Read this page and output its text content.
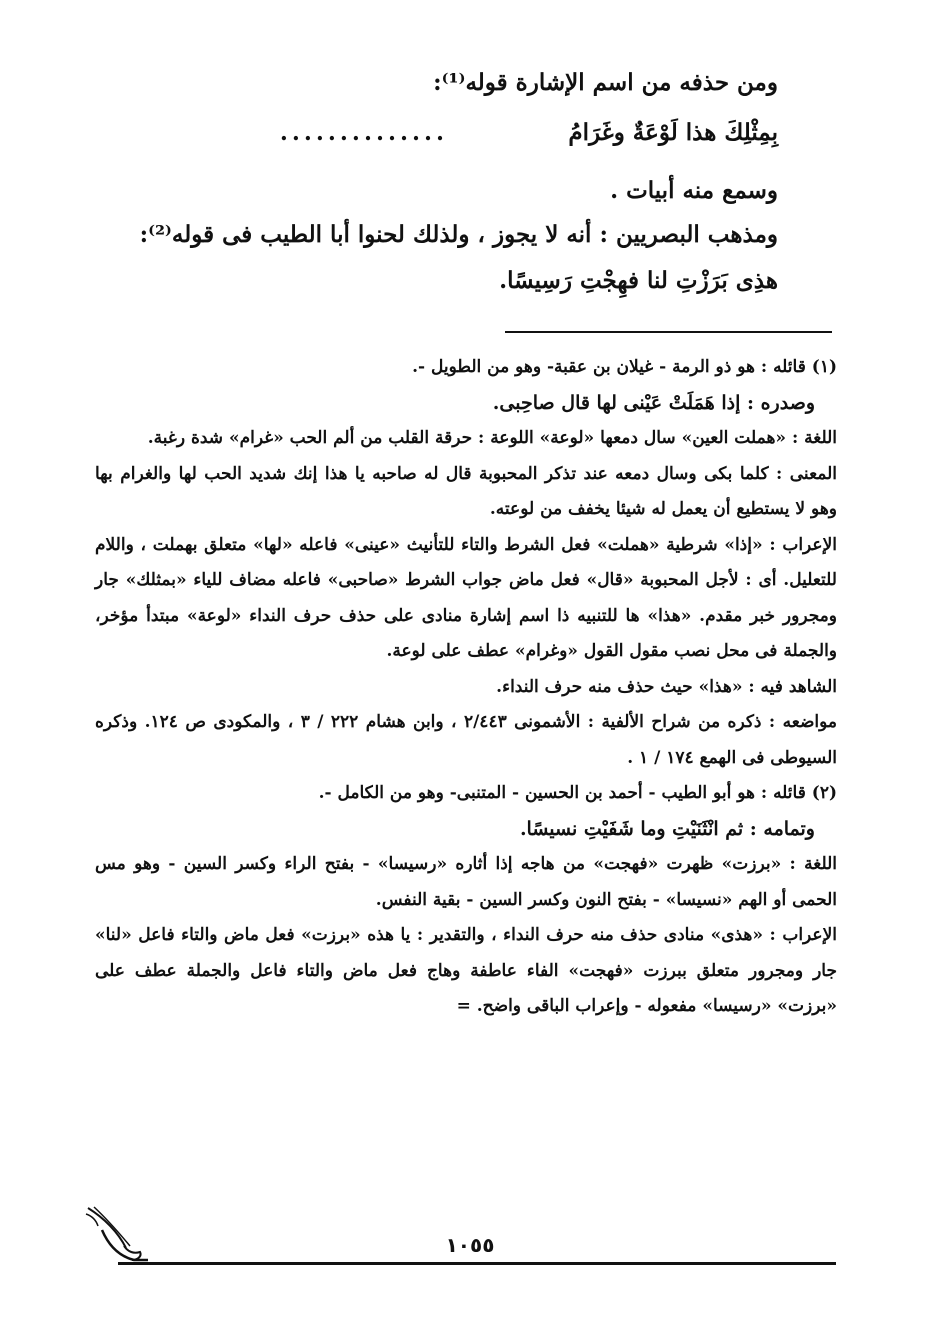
ومن حذفه من اسم الإشارة قوله⁽¹⁾:
بِمِثْلِكَ هذا لَوْعَةٌ وغَرَامُ
..............
وسمع منه أبيات .
ومذهب البصريين : أنه لا يجوز ، ولذلك لحنوا أبا الطيب فى قوله⁽²⁾:
هذِى بَرَزْتِ لنا فهِجْتِ رَسِيسًا.

(١) قائله : هو ذو الرمة - غيلان بن عقبة- وهو من الطويل -.

وصدره : إذا هَمَلَتْ عَيْنى لها قال صاحِبى.

اللغة : «هملت العين» سال دمعها «لوعة» اللوعة : حرقة القلب من ألم الحب «غرام» شدة رغبة.

المعنى : كلما بكى وسال دمعه عند تذكر المحبوبة قال له صاحبه يا هذا إنك شديد الحب لها والغرام بها وهو لا يستطيع أن يعمل له شيئا يخفف من لوعته.

الإعراب : «إذا» شرطية «هملت» فعل الشرط والتاء للتأنيث «عينى» فاعله «لها» متعلق بهملت ، واللام للتعليل. أى : لأجل المحبوبة «قال» فعل ماض جواب الشرط «صاحبى» فاعله مضاف للياء «بمثلك» جار ومجرور خبر مقدم. «هذا» ها للتنبيه ذا اسم إشارة منادى على حذف حرف النداء «لوعة» مبتدأ مؤخر، والجملة فى محل نصب مقول القول «وغرام» عطف على لوعة.

الشاهد فيه : «هذا» حيث حذف منه حرف النداء.

مواضعه : ذكره من شراح الألفية : الأشمونى ٢/٤٤٣ ، وابن هشام ٢٢٢ / ٣ ، والمكودى ص ١٢٤. وذكره السيوطى فى الهمع ١٧٤ / ١ .

(٢) قائله : هو أبو الطيب - أحمد بن الحسين - المتنبى- وهو من الكامل -.

وتمامه : ثم انْثَنَيْتِ وما شَفَيْتِ نسيسًا.

اللغة : «برزت» ظهرت «فهجت» من هاجه إذا أثاره «رسيسا» - بفتح الراء وكسر السين - وهو مس الحمى أو الهم «نسيسا» - بفتح النون وكسر السين - بقية النفس.

الإعراب : «هذى» منادى حذف منه حرف النداء ، والتقدير : يا هذه «برزت» فعل ماض والتاء فاعل «لنا» جار ومجرور متعلق ببرزت «فهجت» الفاء عاطفة وهاج فعل ماض والتاء فاعل والجملة عطف على «برزت» «رسيسا» مفعوله - وإعراب الباقى واضح. =

١٠٥٥
